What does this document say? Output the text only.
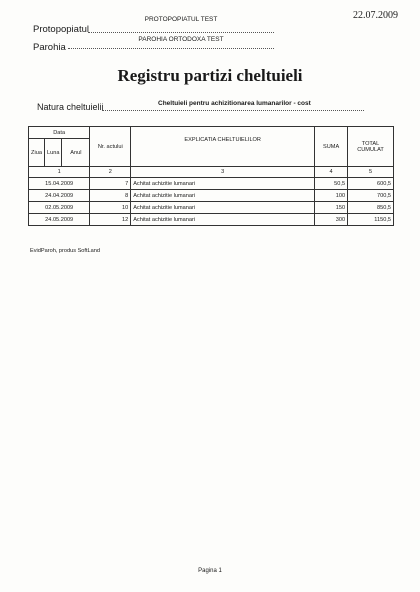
22.07.2009
PROTOPOPIATUL TEST
Protopopiatul
PAROHIA ORTODOXA TEST
Parohia
Registru partizi cheltuieli
Natura cheltuielii	Cheltuieli pentru achizitionarea lumanarilor - cost
Data			Nr. actului	EXPLICATIA CHELTUIELILOR	SUMA	TOTAL CUMULAT
Ziua	Luna	Anul				
1			2	3	4	5
15.04.2009			7	Achitat achizitie lumanari	50,5	600,5
24.04.2009			8	Achitat achizitie lumanari	100	700,5
02.05.2009			10	Achitat achizitie lumanari	150	850,5
24.05.2009			12	Achitat achizitie lumanari	300	1150,5
EvidParoh, produs SoftLand
Pagina 1
